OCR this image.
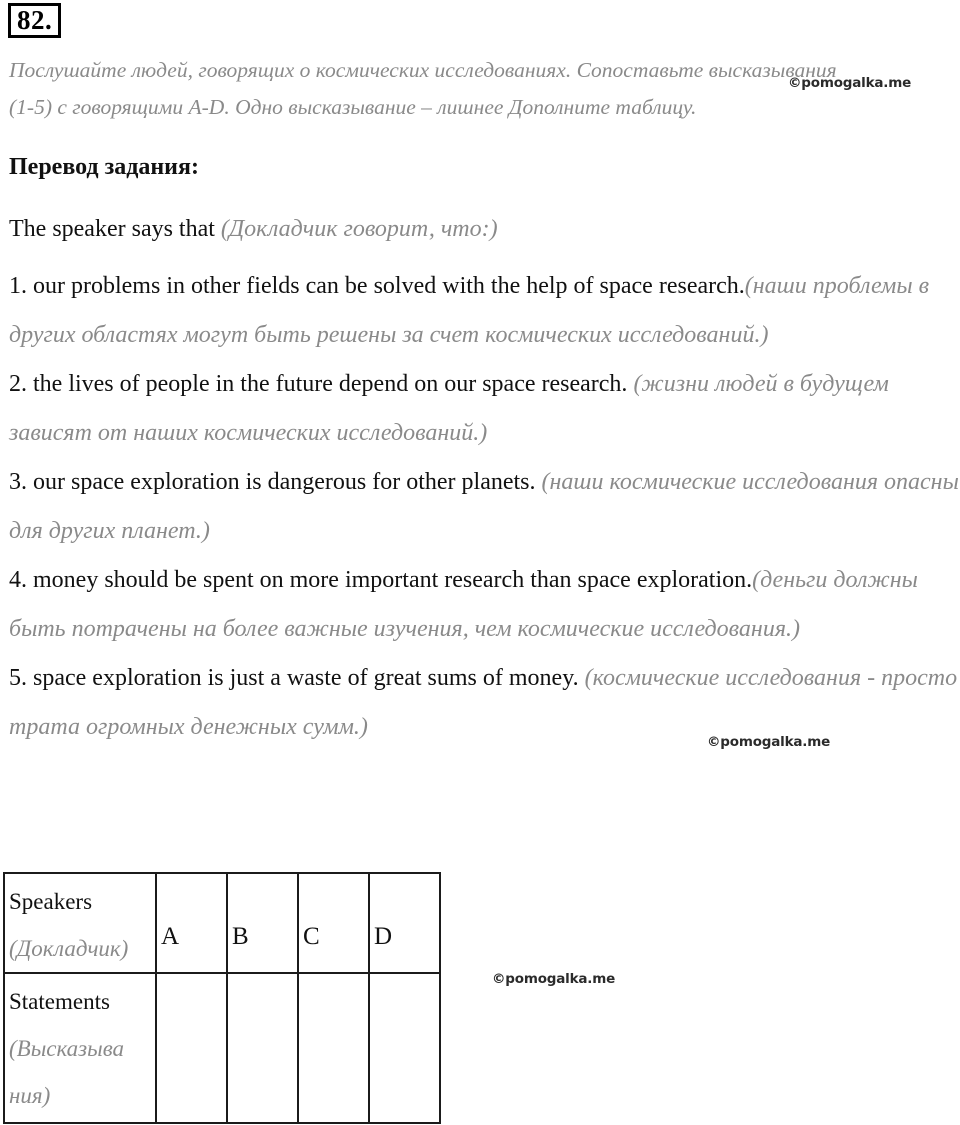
82.
Послушайте людей, говорящих о космических исследованиях. Сопоставьте высказывания
(1-5) с говорящими A-D. Одно высказывание – лишнее Дополните таблицу.
©pomogalka.me
Перевод задания:
The speaker says that (Докладчик говорит, что:)
1. our problems in other fields can be solved with the help of space research.(наши проблемы в других областях могут быть решены за счет космических исследований.)
2. the lives of people in the future depend on our space research. (жизни людей в будущем зависят от наших космических исследований.)
3. our space exploration is dangerous for other planets. (наши космические исследования опасны для других планет.)
4. money should be spent on more important research than space exploration.(деньги должны быть потрачены на более важные изучения, чем космические исследования.)
5. space exploration is just a waste of great sums of money. (космические исследования - просто трата огромных денежных сумм.)
©pomogalka.me
Speakers
(Докладчик)	A	B	C	D

Statements
(Высказыва ния)				

©pomogalka.me
